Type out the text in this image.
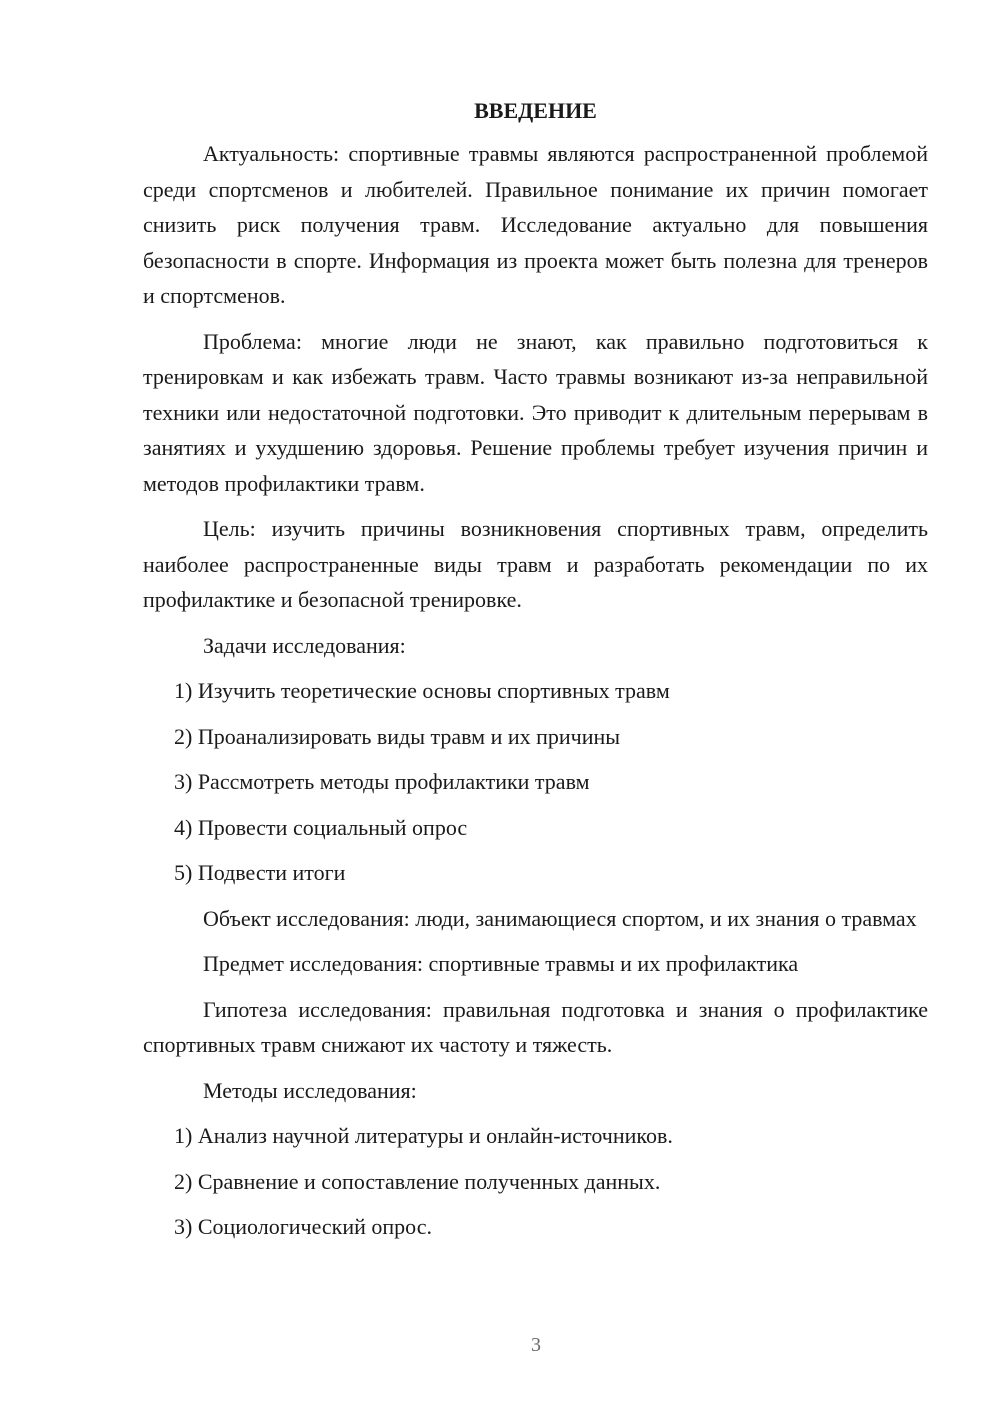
ВВЕДЕНИЕ

Актуальность: спортивные травмы являются распространенной проблемой среди спортсменов и любителей. Правильное понимание их причин помогает снизить риск получения травм. Исследование актуально для повышения безопасности в спорте. Информация из проекта может быть полезна для тренеров и спортсменов.

Проблема: многие люди не знают, как правильно подготовиться к тренировкам и как избежать травм. Часто травмы возникают из-за неправильной техники или недостаточной подготовки. Это приводит к длительным перерывам в занятиях и ухудшению здоровья. Решение проблемы требует изучения причин и методов профилактики травм.

Цель: изучить причины возникновения спортивных травм, определить наиболее распространенные виды травм и разработать рекомендации по их профилактике и безопасной тренировке.

Задачи исследования:

1) Изучить теоретические основы спортивных травм

2) Проанализировать виды травм и их причины

3) Рассмотреть методы профилактики травм

4) Провести социальный опрос

5) Подвести итоги

Объект исследования: люди, занимающиеся спортом, и их знания о травмах

Предмет исследования: спортивные травмы и их профилактика

Гипотеза исследования: правильная подготовка и знания о профилактике спортивных травм снижают их частоту и тяжесть.

Методы исследования:

1) Анализ научной литературы и онлайн-источников.

2) Сравнение и сопоставление полученных данных.

3) Социологический опрос.

3
